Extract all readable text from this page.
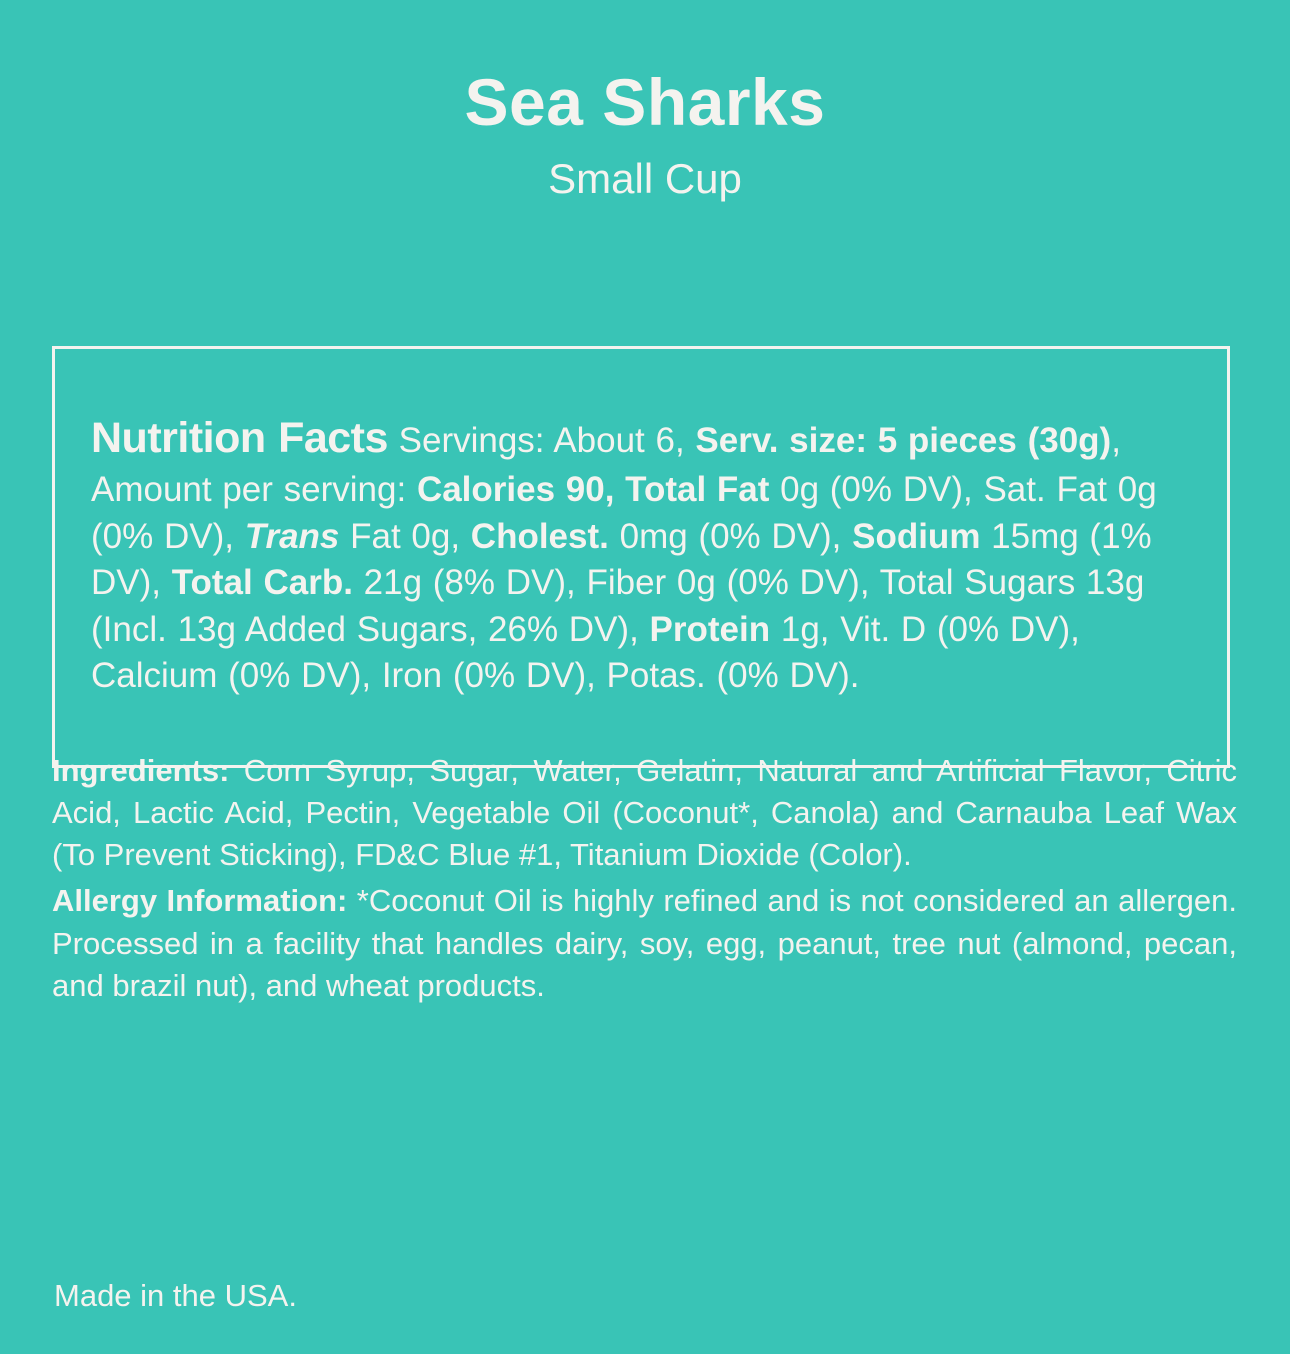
Sea Sharks
Small Cup

Nutrition Facts Servings: About 6, Serv. size: 5 pieces (30g), Amount per serving: Calories 90, Total Fat 0g (0% DV), Sat. Fat 0g (0% DV), Trans Fat 0g, Cholest. 0mg (0% DV), Sodium 15mg (1% DV), Total Carb. 21g (8% DV), Fiber 0g (0% DV), Total Sugars 13g (Incl. 13g Added Sugars, 26% DV), Protein 1g, Vit. D (0% DV), Calcium (0% DV), Iron (0% DV), Potas. (0% DV).

Ingredients: Corn Syrup, Sugar, Water, Gelatin, Natural and Artificial Flavor, Citric Acid, Lactic Acid, Pectin, Vegetable Oil (Coconut*, Canola) and Carnauba Leaf Wax (To Prevent Sticking), FD&C Blue #1, Titanium Dioxide (Color).

Allergy Information: *Coconut Oil is highly refined and is not considered an allergen. Processed in a facility that handles dairy, soy, egg, peanut, tree nut (almond, pecan, and brazil nut), and wheat products.

Made in the USA.
